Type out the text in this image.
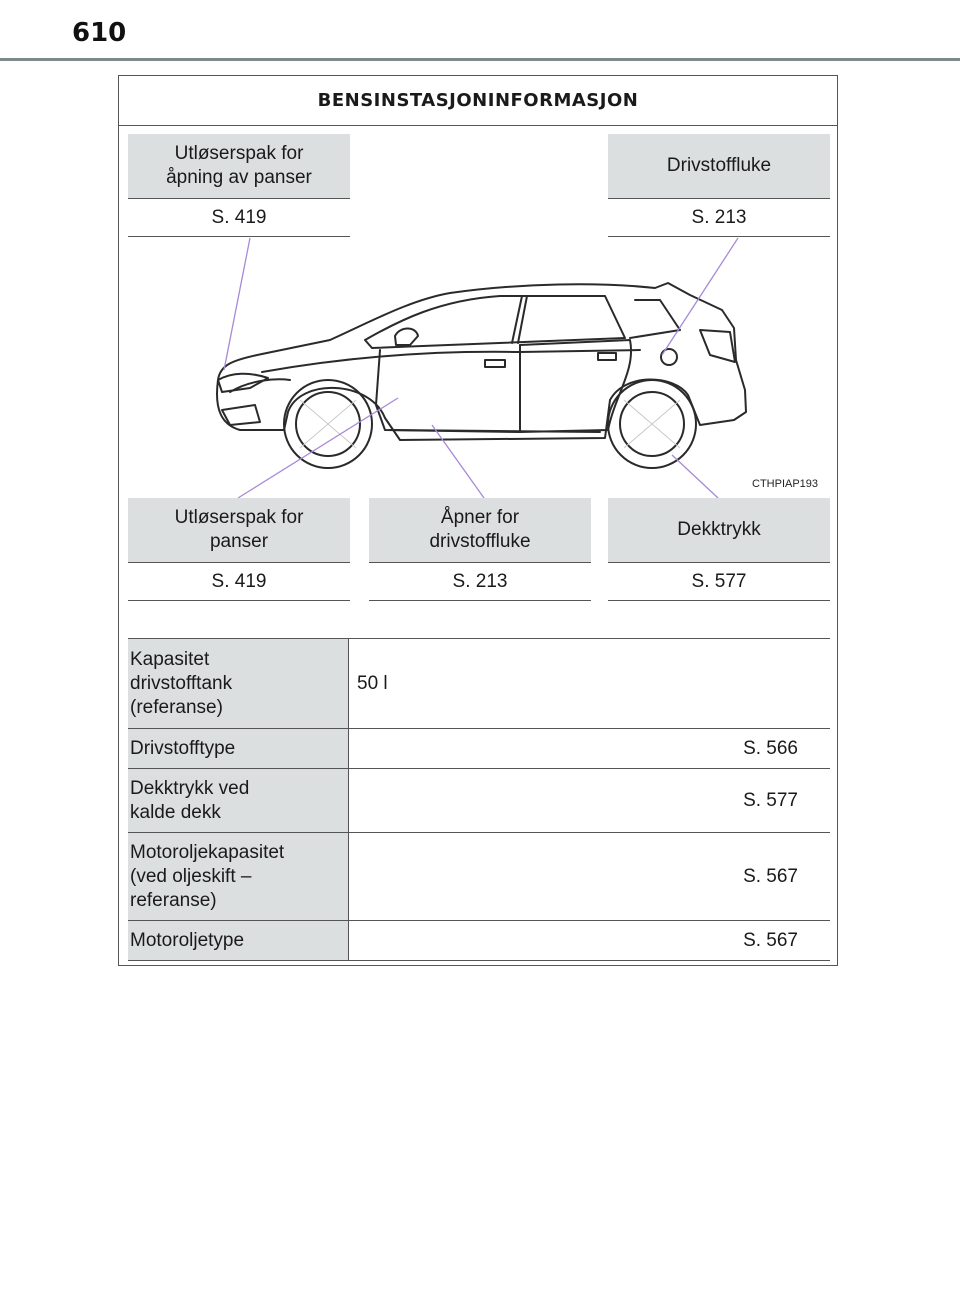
610
BENSINSTASJONINFORMASJON
Utløserspak for
åpning av panser
S. 419
Drivstoffluke
S. 213
CTHPIAP193
Utløserspak for
panser
S. 419
Åpner for
drivstoffluke
S. 213
Dekktrykk
S. 577
Kapasitet
drivstofftank
(referanse)
50 l
Drivstofftype	S. 566
Dekktrykk ved
kalde dekk
S. 577
Motoroljekapasitet
(ved oljeskift –
referanse)
S. 567
Motoroljetype	S. 567
